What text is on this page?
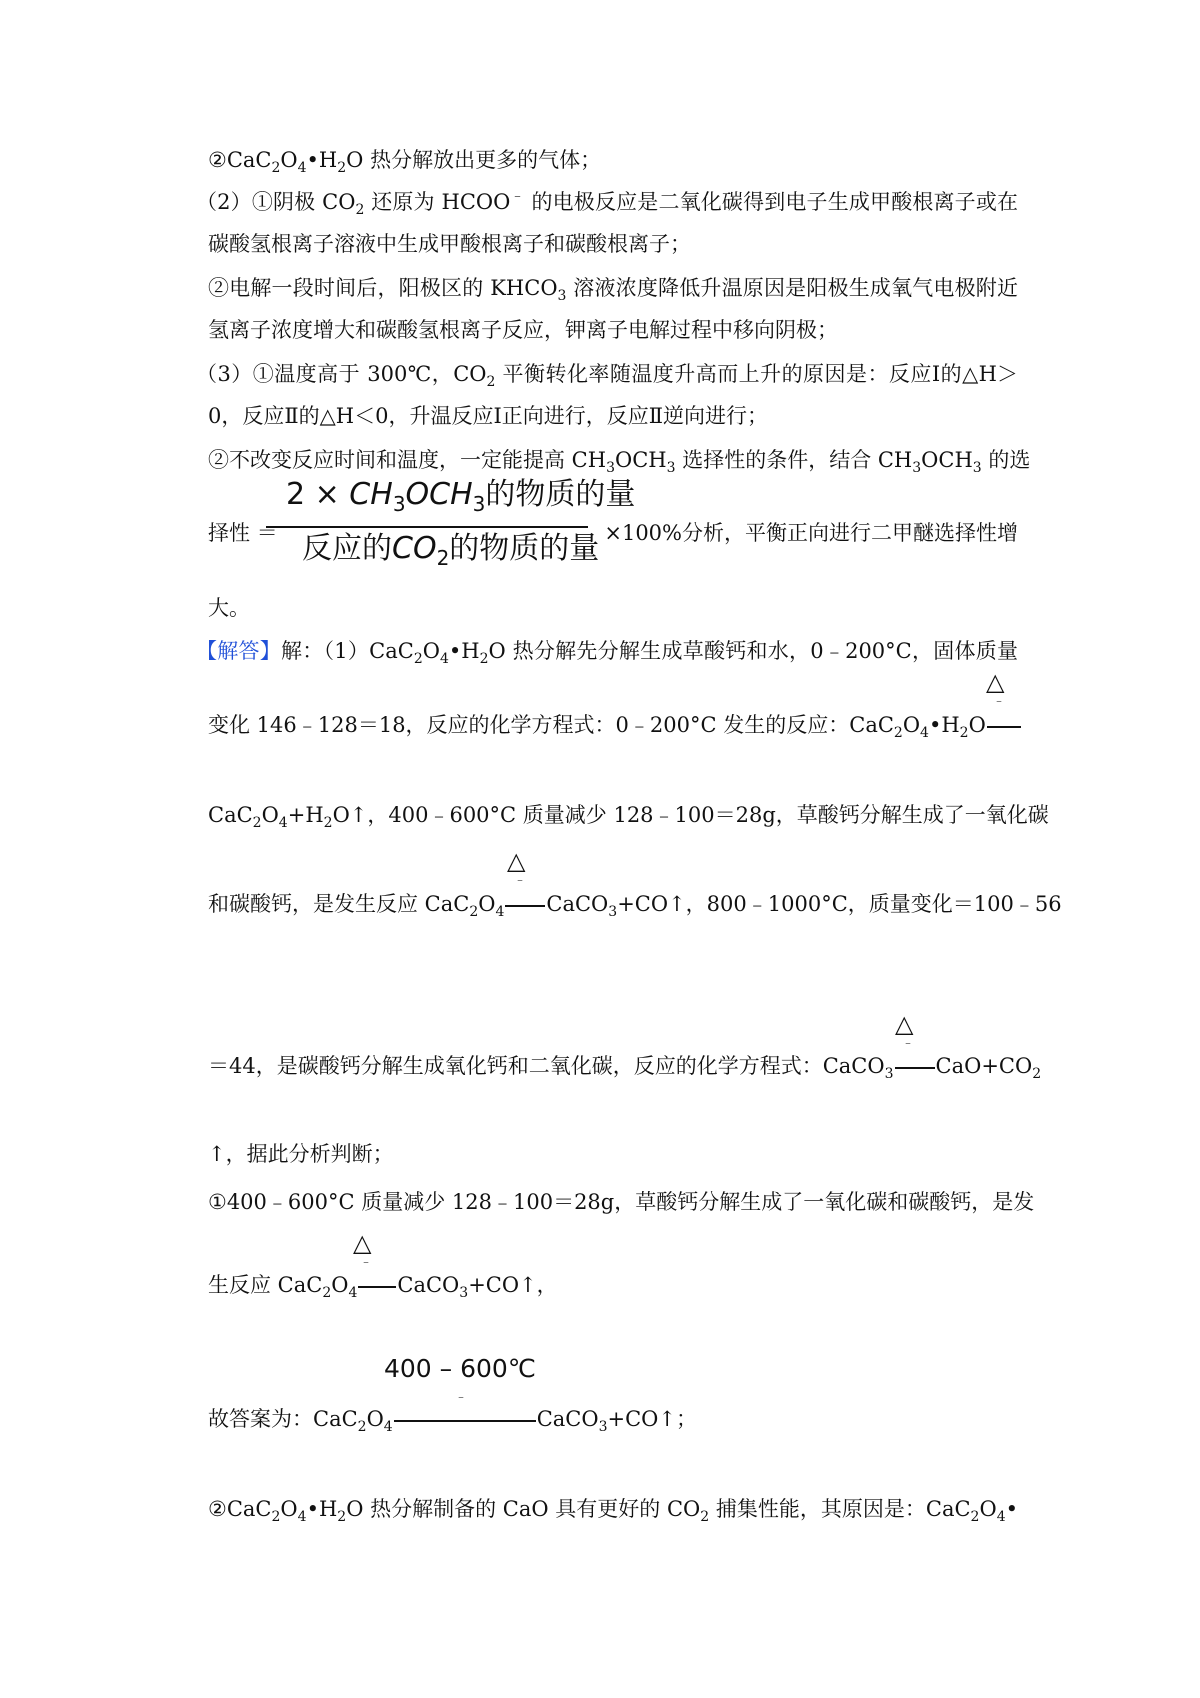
$②CaC_2O_4•H_2O$ 热分解放出更多的气体；
（2）①阴极 $CO_2$ 还原为 HCOO﹣ 的电极反应是二氧化碳得到电子生成甲酸根离子或在
碳酸氢根离子溶液中生成甲酸根离子和碳酸根离子；
②电解一段时间后，阳极区的 $KHCO_3$ 溶液浓度降低升温原因是阳极生成氧气电极附近
氢离子浓度增大和碳酸氢根离子反应，钾离子电解过程中移向阴极；
（3）①温度高于 300℃，$CO_2$ 平衡转化率随温度升高而上升的原因是：反应Ⅰ的△H＞
0，反应Ⅱ的△H＜0，升温反应Ⅰ正向进行，反应Ⅱ逆向进行；
②不改变反应时间和温度，一定能提高 $CH_3OCH_3$ 选择性的条件，结合 $CH_3OCH_3$ 的选
择性 ＝
$2 \times CH_3OCH_3$的物质的量
反应的$CO_2$的物质的量 ×100%分析，平衡正向进行二甲醚选择性增
大。
【解答】解：$(1)CaC_2O_4•H_2O$ 热分解先分解生成草酸钙和水，0﹣200°C，固体质量
△
﹣
变化 146﹣128＝18，反应的化学方程式：0﹣200°C 发生的反应：$CaC_2O_4•H_2O$
$CaC_2O_4+H_2O↑$，400﹣600°C 质量减少 128﹣100＝28g，草酸钙分解生成了一氧化碳
△
﹣
和碳酸钙，是发生反应 $CaC_2O_4$ CaCO$_3$+CO↑，800﹣1000°C，质量变化＝100﹣56
△
﹣
＝44，是碳酸钙分解生成氧化钙和二氧化碳，反应的化学方程式：CaCO$_3$ $CaO+CO_2$
↑，据此分析判断；
①400﹣600°C 质量减少 128﹣100＝28g，草酸钙分解生成了一氧化碳和碳酸钙，是发
△
﹣
生反应 $CaC_2O_4$ CaCO$_3$+CO↑，
400 – 600℃
﹣
故答案为：$CaC_2O_4$	CaCO$_3$+CO↑；
$②CaC_2O_4•H_2O$ 热分解制备的 CaO 具有更好的 $CO_2$ 捕集性能，其原因是：$CaC_2O_4•$
